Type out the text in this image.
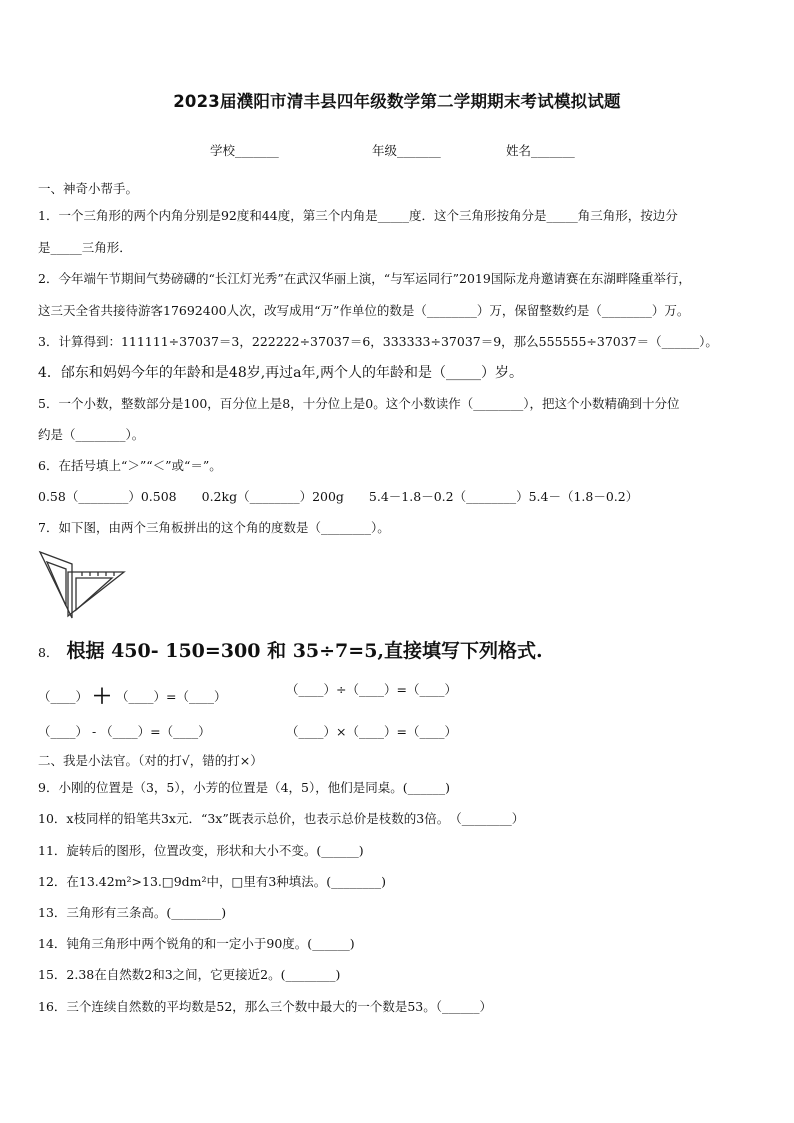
2023届濮阳市清丰县四年级数学第二学期期末考试模拟试题
学校_______	年级_______	姓名_______
一、神奇小帮手。
1．一个三角形的两个内角分别是92度和44度，第三个内角是_____度．这个三角形按角分是_____角三角形，按边分
是_____三角形．
2．今年端午节期间气势磅礴的“长江灯光秀”在武汉华丽上演，“与军运同行”2019国际龙舟邀请赛在东湖畔隆重举行，
这三天全省共接待游客17692400人次，改写成用“万”作单位的数是（________）万，保留整数约是（________）万。
3．计算得到：111111÷37037＝3，222222÷37037＝6，333333÷37037＝9，那么555555÷37037＝（______）。
4．邰东和妈妈今年的年龄和是48岁,再过a年,两个人的年龄和是（_____）岁。
5．一个小数，整数部分是100，百分位上是8，十分位上是0。这个小数读作（________），把这个小数精确到十分位
约是（________）。
6．在括号填上“＞”“＜”或“＝”。
0.58（________）0.508　　0.2kg（________）200g　　5.4－1.8－0.2（________）5.4－（1.8－0.2）
7．如下图，由两个三角板拼出的这个角的度数是（________）。
8． 根据 450- 150=300 和 35÷7=5,直接填写下列格式.
（____） ＋ （____）=（____）	（____）÷（____）=（____）
（____） - （____）=（____）	（____）×（____）=（____）
二、我是小法官。（对的打√，错的打×）
9．小刚的位置是（3，5），小芳的位置是（4，5），他们是同桌。(______)
10．x枝同样的铅笔共3x元．“3x”既表示总价，也表示总价是枝数的3倍。　（________）
11．旋转后的图形，位置改变，形状和大小不变。(______)
12．在13.42m²>13.□9dm²中，□里有3种填法。(________)
13．三角形有三条高。(________)
14．钝角三角形中两个锐角的和一定小于90度。(______)
15．2.38在自然数2和3之间，它更接近2。(________)
16．三个连续自然数的平均数是52，那么三个数中最大的一个数是53。（______）
